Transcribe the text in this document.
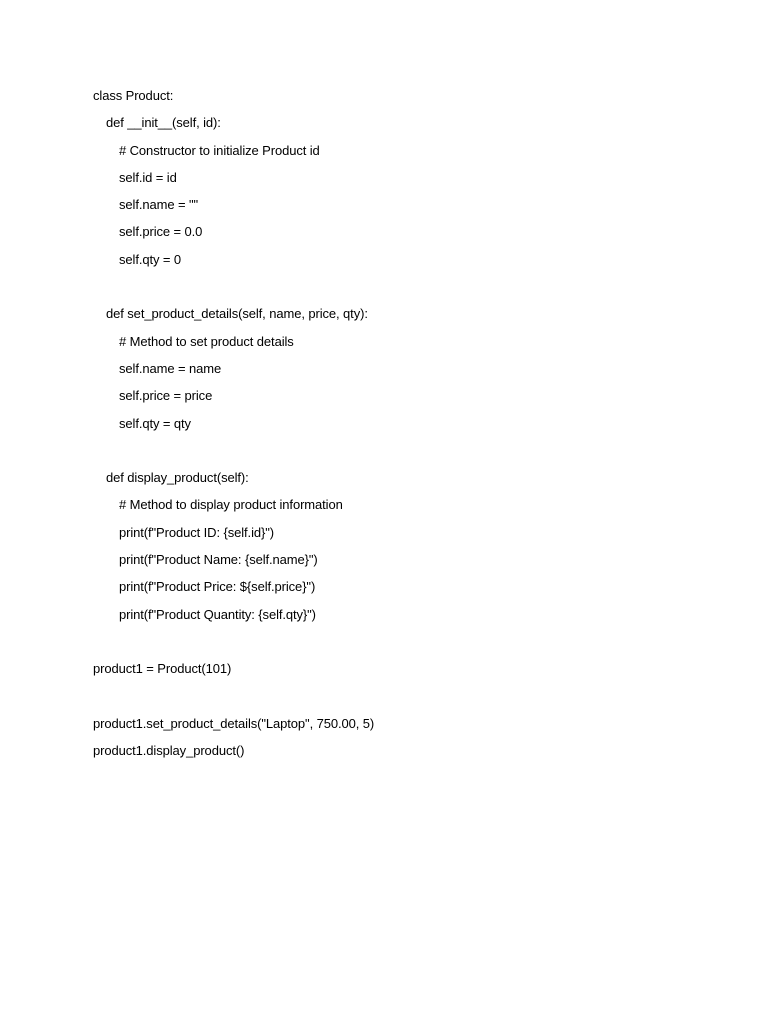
class Product:
def __init__(self, id):
# Constructor to initialize Product id
self.id = id
self.name = ""
self.price = 0.0
self.qty = 0
def set_product_details(self, name, price, qty):
# Method to set product details
self.name = name
self.price = price
self.qty = qty
def display_product(self):
# Method to display product information
print(f"Product ID: {self.id}")
print(f"Product Name: {self.name}")
print(f"Product Price: ${self.price}")
print(f"Product Quantity: {self.qty}")
product1 = Product(101)
product1.set_product_details("Laptop", 750.00, 5)
product1.display_product()
